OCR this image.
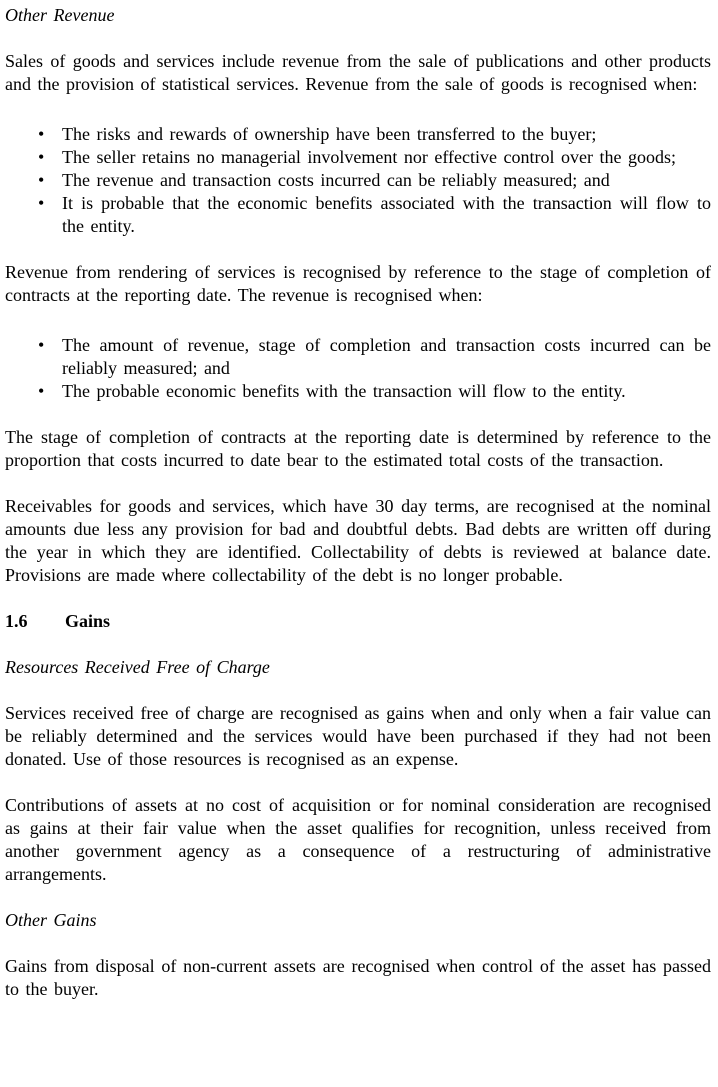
Other Revenue

Sales of goods and services include revenue from the sale of publications and other products and the provision of statistical services. Revenue from the sale of goods is recognised when:

• The risks and rewards of ownership have been transferred to the buyer;
• The seller retains no managerial involvement nor effective control over the goods;
• The revenue and transaction costs incurred can be reliably measured; and
• It is probable that the economic benefits associated with the transaction will flow to the entity.

Revenue from rendering of services is recognised by reference to the stage of completion of contracts at the reporting date. The revenue is recognised when:

• The amount of revenue, stage of completion and transaction costs incurred can be reliably measured; and
• The probable economic benefits with the transaction will flow to the entity.

The stage of completion of contracts at the reporting date is determined by reference to the proportion that costs incurred to date bear to the estimated total costs of the transaction.

Receivables for goods and services, which have 30 day terms, are recognised at the nominal amounts due less any provision for bad and doubtful debts. Bad debts are written off during the year in which they are identified. Collectability of debts is reviewed at balance date. Provisions are made where collectability of the debt is no longer probable.

1.6 Gains

Resources Received Free of Charge

Services received free of charge are recognised as gains when and only when a fair value can be reliably determined and the services would have been purchased if they had not been donated. Use of those resources is recognised as an expense.

Contributions of assets at no cost of acquisition or for nominal consideration are recognised as gains at their fair value when the asset qualifies for recognition, unless received from another government agency as a consequence of a restructuring of administrative arrangements.

Other Gains

Gains from disposal of non-current assets are recognised when control of the asset has passed to the buyer.
